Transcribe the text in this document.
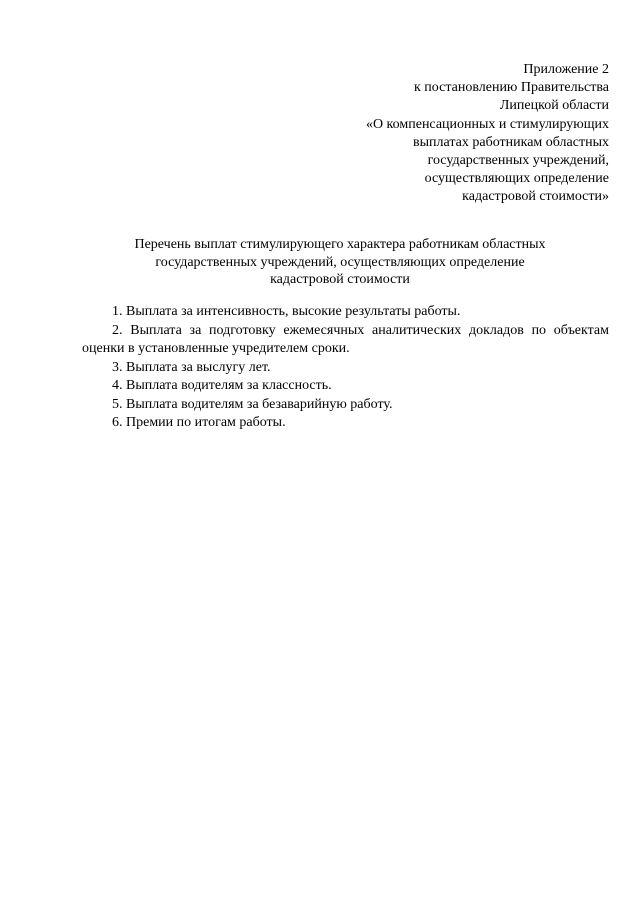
Приложение 2
к постановлению Правительства
Липецкой области
«О компенсационных и стимулирующих
выплатах работникам областных
государственных учреждений,
осуществляющих определение
кадастровой стоимости»
Перечень выплат стимулирующего характера работникам областных
государственных учреждений, осуществляющих определение
кадастровой стоимости

1. Выплата за интенсивность, высокие результаты работы.

2. Выплата за подготовку ежемесячных аналитических докладов по объектам оценки в установленные учредителем сроки.

3. Выплата за выслугу лет.

4. Выплата водителям за классность.

5. Выплата водителям за безаварийную работу.

6. Премии по итогам работы.
